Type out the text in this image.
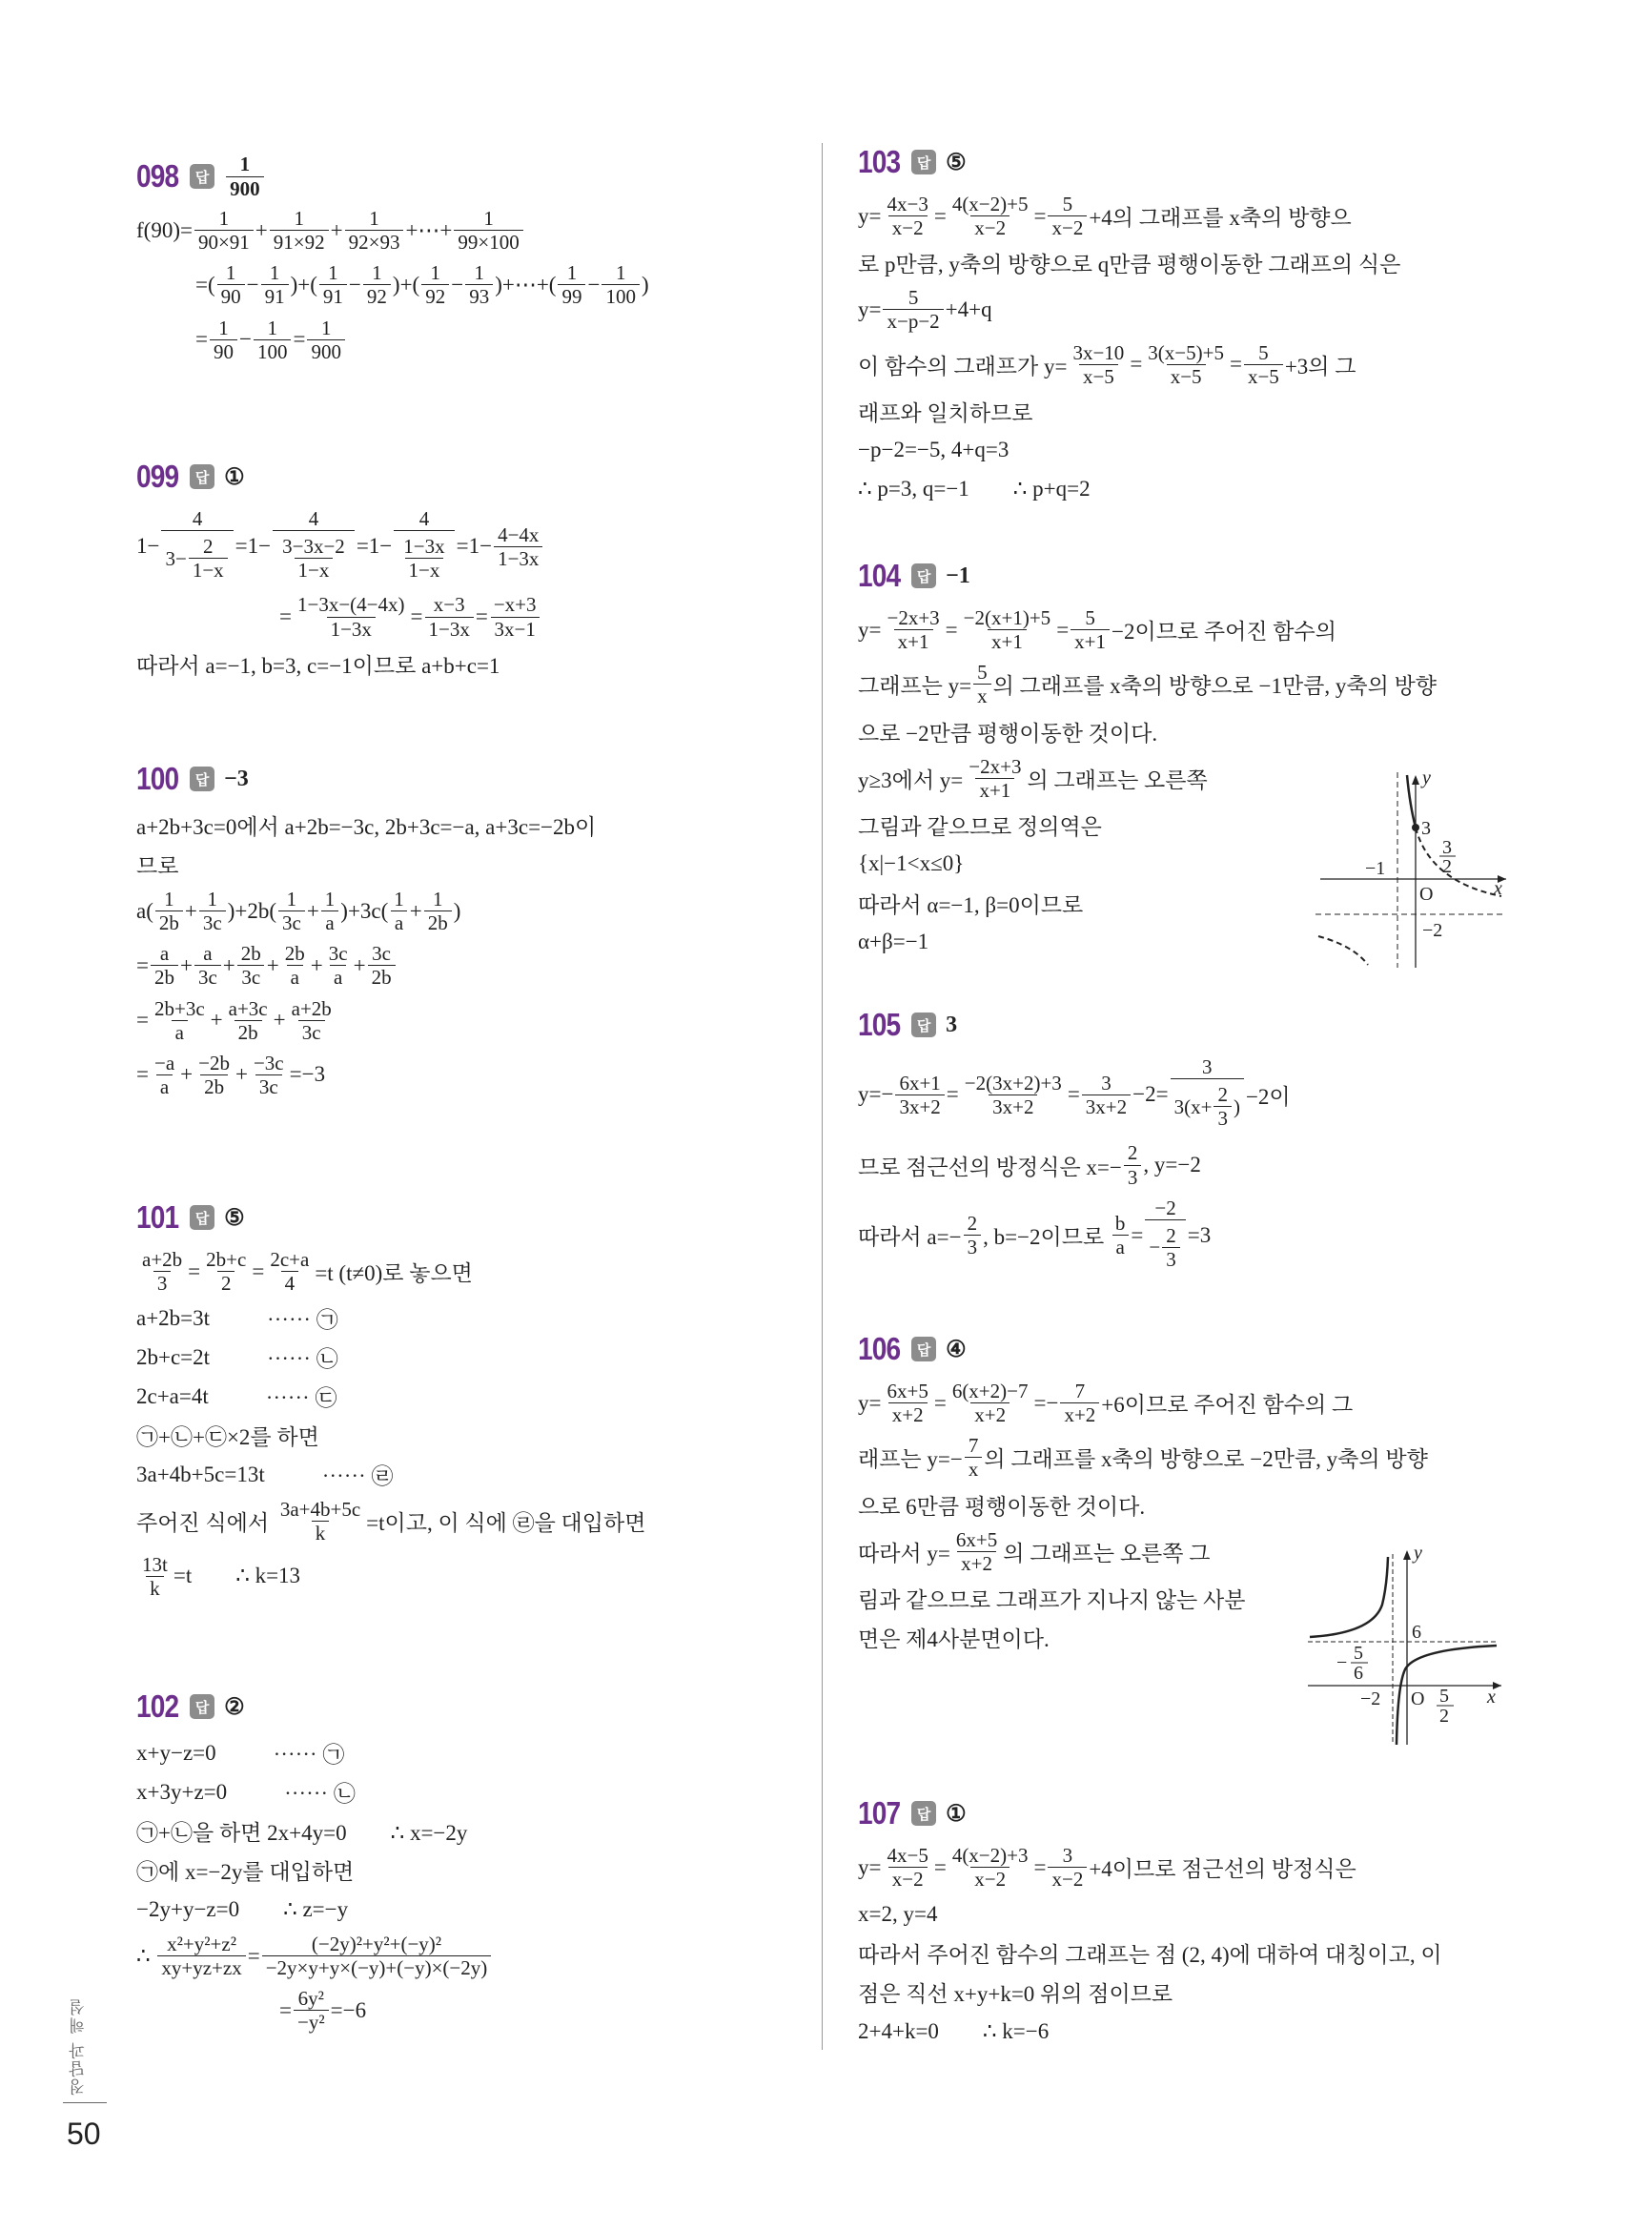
098	답 $\frac{1}{900}$
$f(90)= \frac{1}{90\times 91} + \frac{1}{91\times 92} + \frac{1}{92\times 93}$ +⋯+ $\frac{1}{99\times 100}$
=( $\frac{1}{90} - \frac{1}{91}$ )+( $\frac{1}{91} - \frac{1}{92}$ )+( $\frac{1}{92} - \frac{1}{93}$ )+⋯+( $\frac{1}{99} - \frac{1}{100}$ )
= $\frac{1}{90} - \frac{1}{100} = \frac{1}{900}$
099	답 ①
$1- \frac{4}{3- \frac{2}{1-x}} =1- \frac{4}{\frac{3-3x-2}{1-x}} =1- \frac{4}{\frac{1-3x}{1-x}} =1- \frac{4-4x}{1-3x}$
= $\frac{1-3x-(4-4x)}{1-3x} = \frac{x-3}{1-3x} = \frac{-x+3}{3x-1}$
따라서 a=−1, b=3, c=−1이므로 a+b+c=1
100	답 −3
a+2b+3c=0에서 a+2b=−3c, 2b+3c=−a, a+3c=−2b이
므로
$a( \frac{1}{2b} + \frac{1}{3c} )+2b( \frac{1}{3c} + \frac{1}{a} )+3c( \frac{1}{a} + \frac{1}{2b}$ )
= $\frac{a}{2b} + \frac{a}{3c} + \frac{2b}{3c} + \frac{2b}{a} + \frac{3c}{a} + \frac{3c}{2b}$
= $\frac{2b+3c}{a} + \frac{a+3c}{2b} + \frac{a+2b}{3c}$
= $\frac{-a}{a} + \frac{-2b}{2b} + \frac{-3c}{3c} =-3$
101	답 ⑤
$\frac{a+2b}{3} = \frac{2b+c}{2} = \frac{2c+a}{4} =t$ (t≠0)로 놓으면
a+2b=3t	⋯⋯ ㉠
2b+c=2t	⋯⋯ ㉡
2c+a=4t	⋯⋯ ㉢
㉠+㉡+㉢×2를 하면
3a+4b+5c=13t	⋯⋯ ㉣
주어진 식에서 $\frac{3a+4b+5c}{k} =t$이고, 이 식에 ㉣을 대입하면
$\frac{13t}{k} =t$        ∴ k=13
102	답 ②
x+y−z=0	⋯⋯ ㉠
x+3y+z=0	⋯⋯ ㉡
㉠+㉡을 하면 2x+4y=0        ∴ x=−2y
㉠에 x=−2y를 대입하면
−2y+y−z=0        ∴ z=−y
∴ $\frac{\text{x²+y²+z²}}{xy+yz+zx} = \frac{\text{(−2y)²+y²+(−y)²}}{-2y\times y+y\times(-y)+(-y)\times(-2y)}$
= $\frac{\text{6y²}}{\text{−y²}} =-6$
103	답 ⑤
$y= \frac{4x-3}{x-2} = \frac{4(x-2)+5}{x-2} = \frac{5}{x-2} +4$의 그래프를 x축의 방향으
로 p만큼, y축의 방향으로 q만큼 평행이동한 그래프의 식은
$y= \frac{5}{x-p-2} +4+q$
이 함수의 그래프가 $y= \frac{3x-10}{x-5} = \frac{3(x-5)+5}{x-5} = \frac{5}{x-5} +3$의 그
래프와 일치하므로
−p−2=−5, 4+q=3
∴ p=3, q=−1        ∴ p+q=2
104	답 −1
$y= \frac{-2x+3}{x+1} = \frac{-2(x+1)+5}{x+1} = \frac{5}{x+1} -2$이므로 주어진 함수의
그래프는 $y= \frac{5}{x}$ 의 그래프를 x축의 방향으로 −1만큼, y축의 방향
으로 −2만큼 평행이동한 것이다.
y≥3에서 $y= \frac{-2x+3}{x+1}$ 의 그래프는 오른쪽
그림과 같으므로 정의역은
{x|−1<x≤0}
따라서 α=−1, β=0이므로
α+β=−1
105	답 3
$y=- \frac{6x+1}{3x+2} = \frac{-2(3x+2)+3}{3x+2} = \frac{3}{3x+2} -2= \frac{3}{3(x+ \frac{2}{3} )} -2$이
므로 점근선의 방정식은 $x=- \frac{2}{3}$ , y=−2
따라서 $a=- \frac{2}{3}$ , b=−2이므로 $\frac{b}{a} = \frac{-2}{- \frac{2}{3}} =3$
106	답 ④
$y= \frac{6x+5}{x+2} = \frac{6(x+2)-7}{x+2} =- \frac{7}{x+2} +6$이므로 주어진 함수의 그
래프는 $y=- \frac{7}{x}$ 의 그래프를 x축의 방향으로 −2만큼, y축의 방향
으로 6만큼 평행이동한 것이다.
따라서 $y= \frac{6x+5}{x+2}$ 의 그래프는 오른쪽 그
림과 같으므로 그래프가 지나지 않는 사분
면은 제4사분면이다.
107	답 ①
$y= \frac{4x-5}{x-2} = \frac{4(x-2)+3}{x-2} = \frac{3}{x-2} +4$이므로 점근선의 방정식은
x=2, y=4
따라서 주어진 함수의 그래프는 점 (2, 4)에 대하여 대칭이고, 이
점은 직선 x+y+k=0 위의 점이므로
2+4+k=0        ∴ k=−6
y
3
3
2
−1
O	x
−2
y
6
− 5
6
−2 O 5
2
x
정답과 해설
50
